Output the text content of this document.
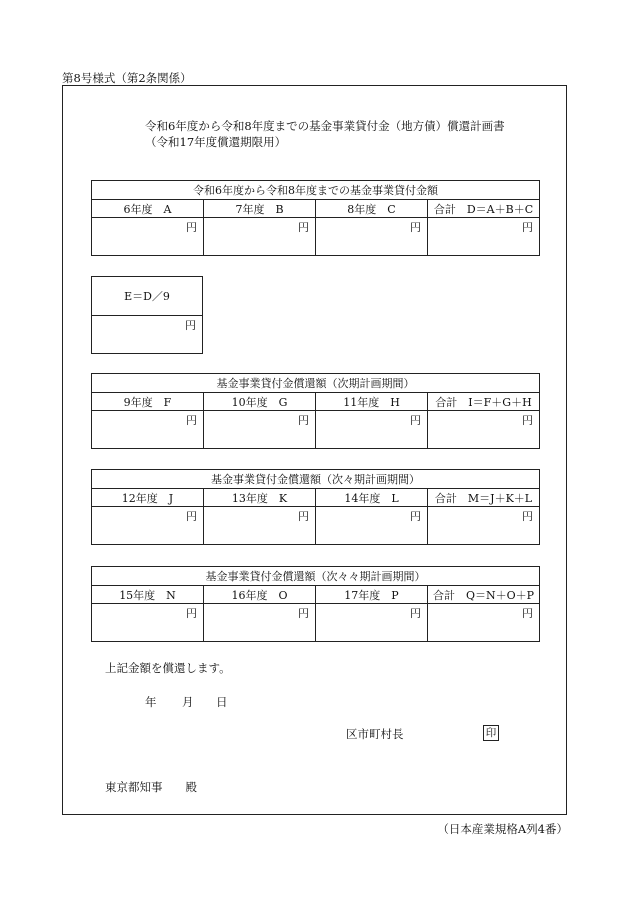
第8号様式（第2条関係）
令和6年度から令和8年度までの基金事業貸付金（地方債）償還計画書
（令和17年度償還期限用）
令和6年度から令和8年度までの基金事業貸付金額			
6年度　A	7年度　B	8年度　C	合計　D＝A＋B＋C
円	円	円	円
E＝D／9
円
基金事業貸付金償還額（次期計画期間）			
9年度　F	10年度　G	11年度　H	合計　I＝F＋G＋H
円	円	円	円
基金事業貸付金償還額（次々期計画期間）			
12年度　J	13年度　K	14年度　L	合計　M＝J＋K＋L
円	円	円	円
基金事業貸付金償還額（次々々期計画期間）			
15年度　N	16年度　O	17年度　P	合計　Q＝N＋O＋P
円	円	円	円
上記金額を償還します。
年 月 日
区市町村長	印
東京都知事　　殿
（日本産業規格A列4番）
